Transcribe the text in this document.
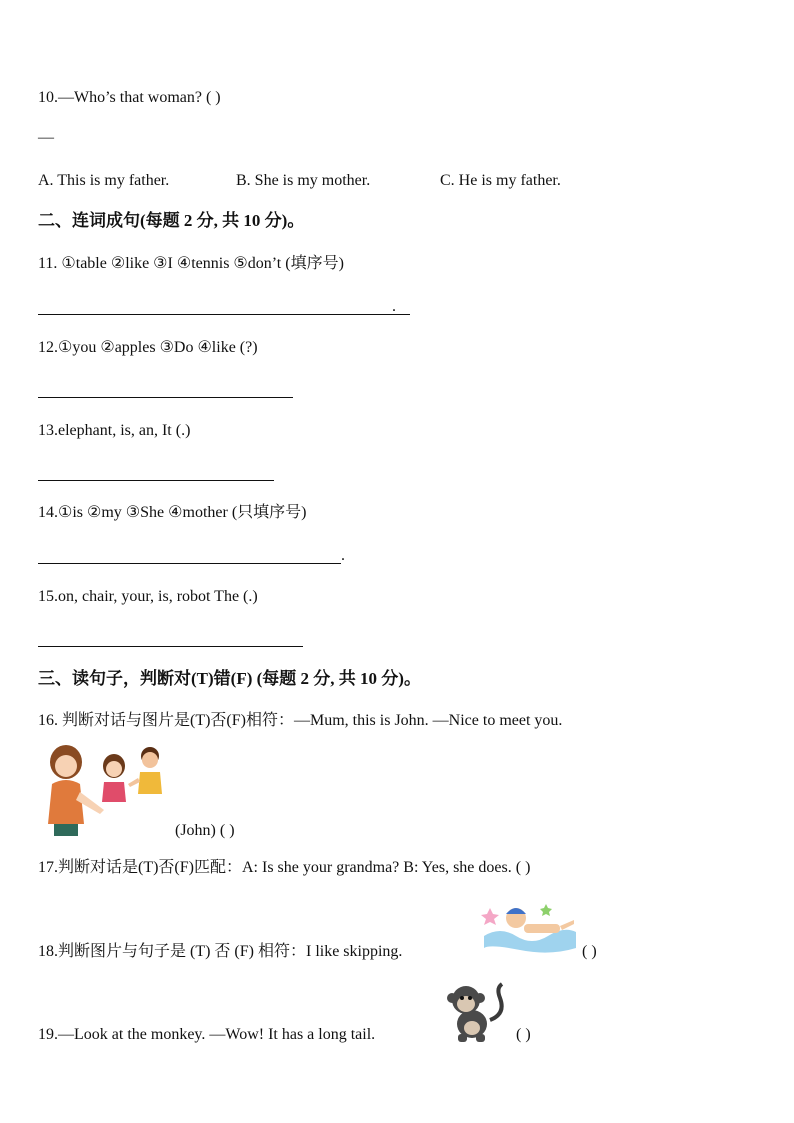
10.—Who’s that woman? ( )
—
A. This is my father.	B. She is my mother.	C. He is my father.
二、连词成句(每题 2 分, 共 10 分)。
11. ①table ②like ③I ④tennis ⑤don’t (填序号)
.
12.①you ②apples ③Do ④like (?)
13.elephant, is, an, It (.)
14.①is ②my ③She ④mother (只填序号)
.
15.on, chair, your, is, robot The (.)
三、读句子，判断对(T)错(F) (每题 2 分, 共 10 分)。
16. 判断对话与图片是(T)否(F)相符：—Mum, this is John. —Nice to meet you.
(John) ( )
17.判断对话是(T)否(F)匹配：A: Is she your grandma? B: Yes, she does. ( )
18.判断图片与句子是 (T) 否 (F) 相符：I like skipping.	( )
19.—Look at the monkey. —Wow! It has a long tail.	( )
